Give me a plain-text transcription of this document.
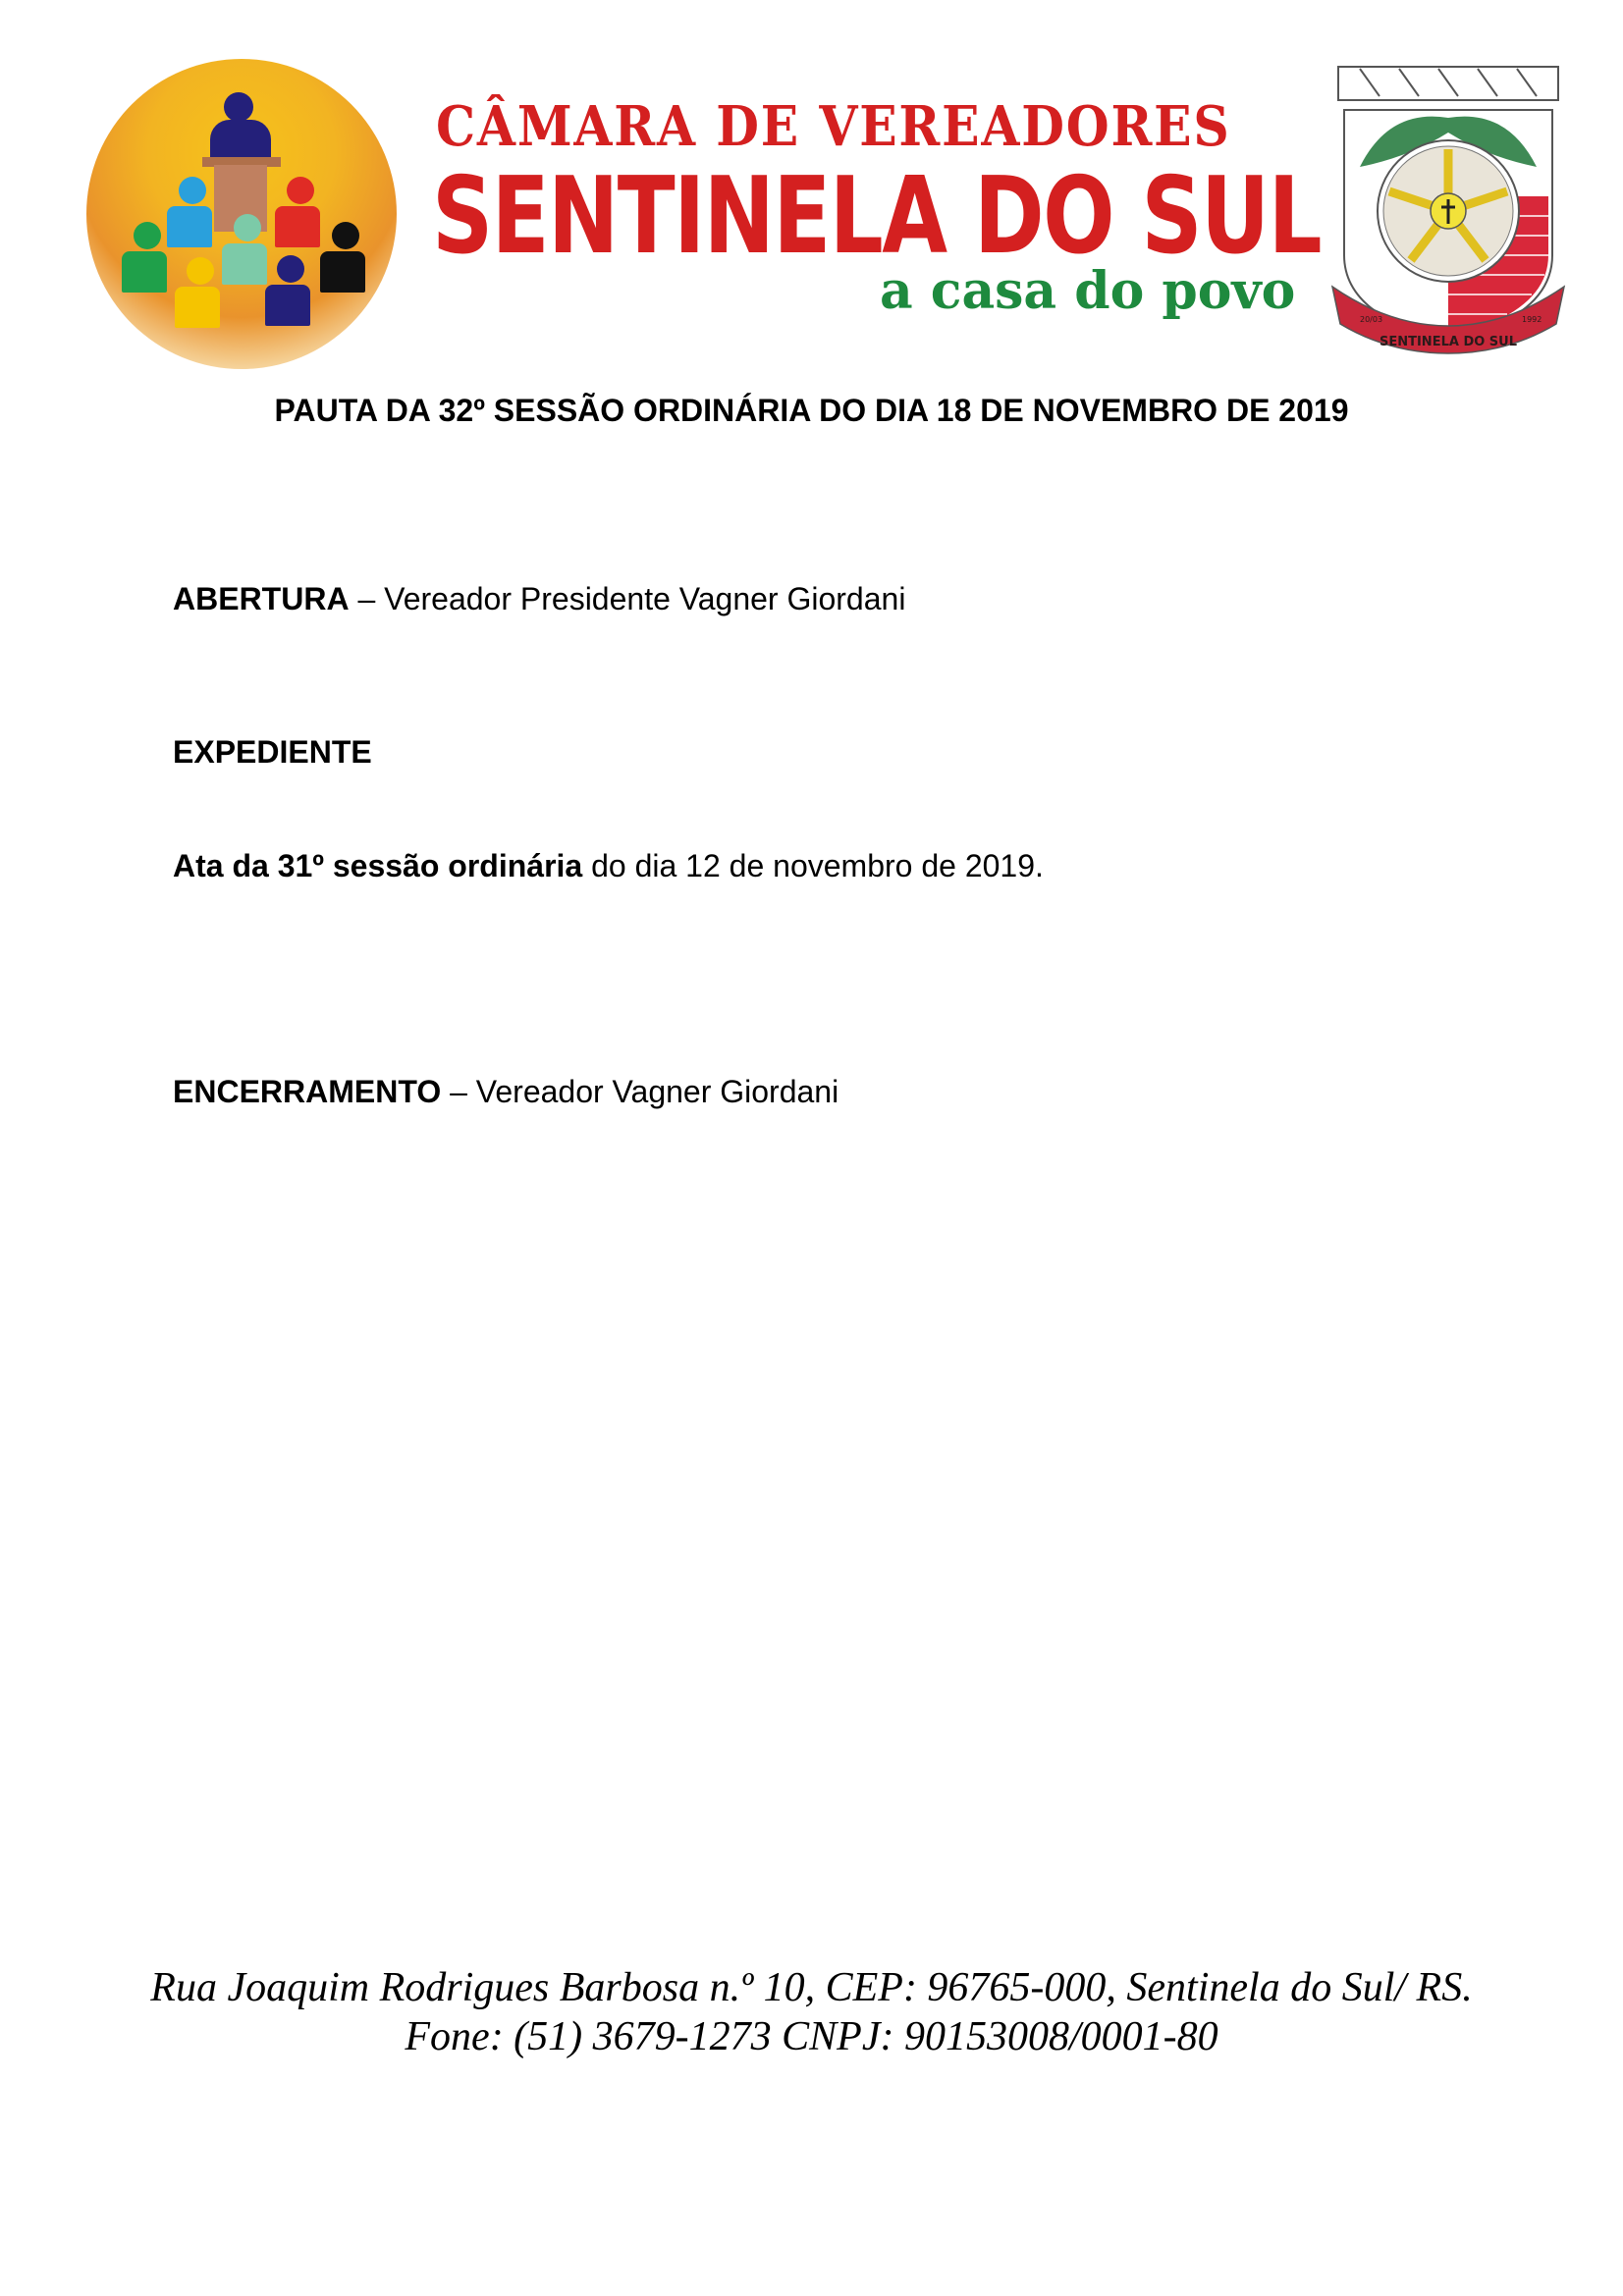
CÂMARA DE VEREADORES
SENTINELA DO SUL
a casa do povo
SENTINELA DO SUL
20/03	1992
PAUTA DA 32º SESSÃO ORDINÁRIA DO DIA 18 DE NOVEMBRO DE 2019
ABERTURA – Vereador Presidente Vagner Giordani
EXPEDIENTE
Ata da 31º sessão ordinária do dia 12 de novembro de 2019.
ENCERRAMENTO – Vereador Vagner Giordani
Rua Joaquim Rodrigues Barbosa n.º 10, CEP: 96765-000, Sentinela do Sul/ RS.
Fone: (51) 3679-1273 CNPJ: 90153008/0001-80
